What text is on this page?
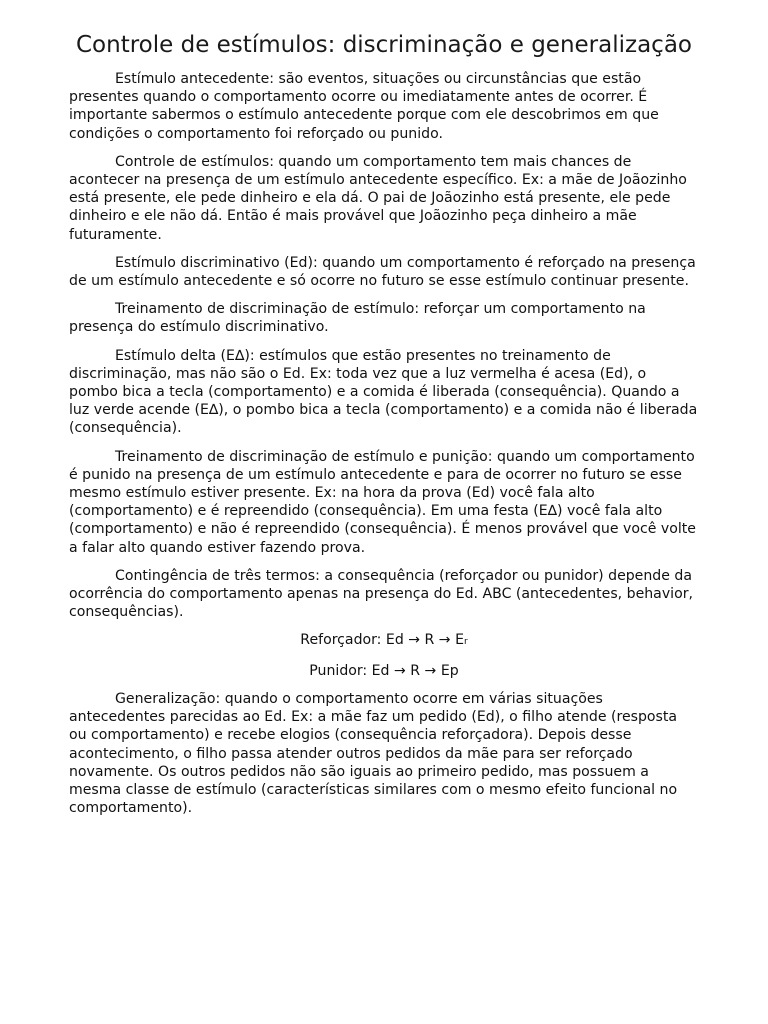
Controle de estímulos: discriminação e generalização

Estímulo antecedente: são eventos, situações ou circunstâncias que estão presentes quando o comportamento ocorre ou imediatamente antes de ocorrer. É importante sabermos o estímulo antecedente porque com ele descobrimos em que condições o comportamento foi reforçado ou punido.

Controle de estímulos: quando um comportamento tem mais chances de acontecer na presença de um estímulo antecedente específico. Ex: a mãe de Joãozinho está presente, ele pede dinheiro e ela dá. O pai de Joãozinho está presente, ele pede dinheiro e ele não dá. Então é mais provável que Joãozinho peça dinheiro a mãe futuramente.

Estímulo discriminativo (Ed): quando um comportamento é reforçado na presença de um estímulo antecedente e só ocorre no futuro se esse estímulo continuar presente.

Treinamento de discriminação de estímulo: reforçar um comportamento na presença do estímulo discriminativo.

Estímulo delta (E∆): estímulos que estão presentes no treinamento de discriminação, mas não são o Ed. Ex: toda vez que a luz vermelha é acesa (Ed), o pombo bica a tecla (comportamento) e a comida é liberada (consequência). Quando a luz verde acende (E∆), o pombo bica a tecla (comportamento) e a comida não é liberada (consequência).

Treinamento de discriminação de estímulo e punição: quando um comportamento é punido na presença de um estímulo antecedente e para de ocorrer no futuro se esse mesmo estímulo estiver presente. Ex: na hora da prova (Ed) você fala alto (comportamento) e é repreendido (consequência). Em uma festa (E∆) você fala alto (comportamento) e não é repreendido (consequência). É menos provável que você volte a falar alto quando estiver fazendo prova.

Contingência de três termos: a consequência (reforçador ou punidor) depende da ocorrência do comportamento apenas na presença do Ed. ABC (antecedentes, behavior, consequências).

Reforçador: Ed → R → Er

Punidor: Ed → R → Ep

Generalização: quando o comportamento ocorre em várias situações antecedentes parecidas ao Ed. Ex: a mãe faz um pedido (Ed), o filho atende (resposta ou comportamento) e recebe elogios (consequência reforçadora). Depois desse acontecimento, o filho passa atender outros pedidos da mãe para ser reforçado novamente. Os outros pedidos não são iguais ao primeiro pedido, mas possuem a mesma classe de estímulo (características similares com o mesmo efeito funcional no comportamento).
